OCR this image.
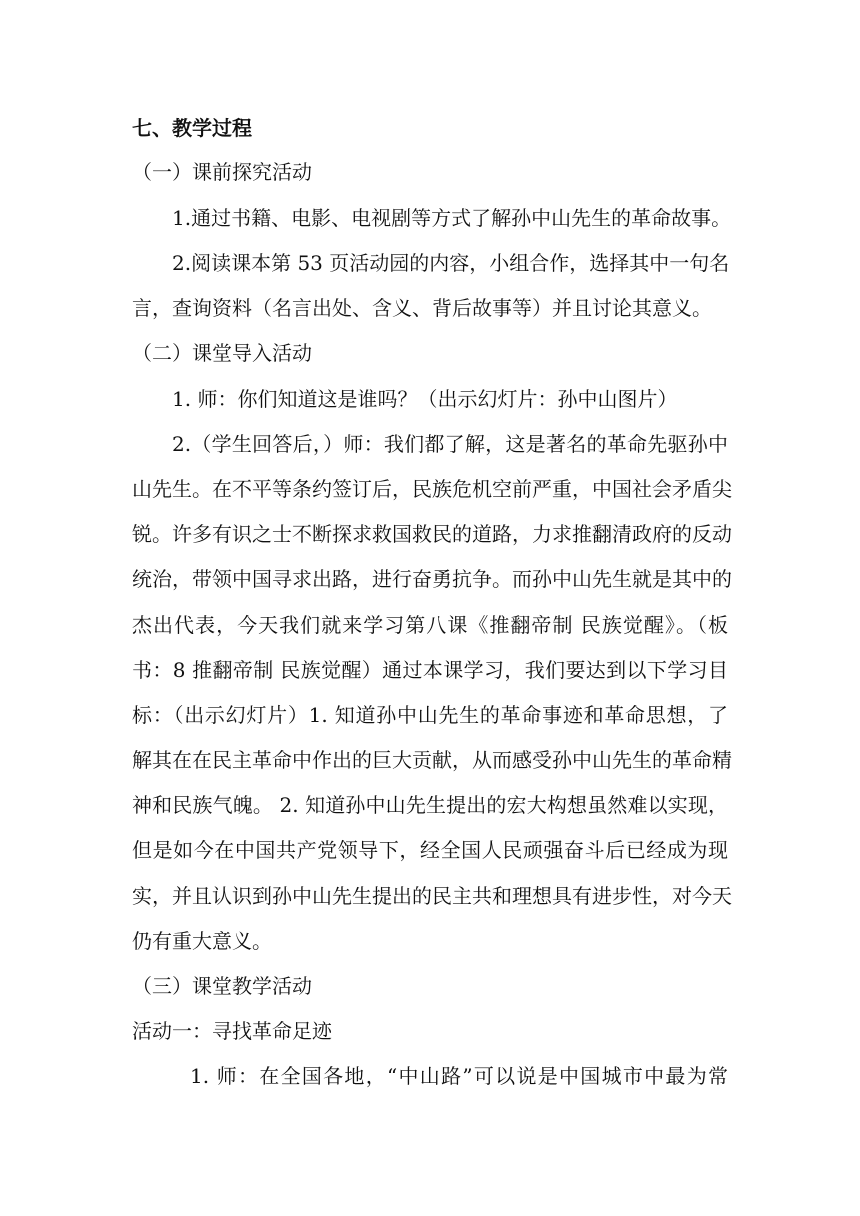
七、教学过程
（一）课前探究活动
1.通过书籍、电影、电视剧等方式了解孙中山先生的革命故事。
2.阅读课本第 53 页活动园的内容，小组合作，选择其中一句名
言，查询资料（名言出处、含义、背后故事等）并且讨论其意义。
（二）课堂导入活动
1. 师：你们知道这是谁吗？（出示幻灯片：孙中山图片）
2.（学生回答后，）师：我们都了解，这是著名的革命先驱孙中
山先生。在不平等条约签订后，民族危机空前严重，中国社会矛盾尖
锐。许多有识之士不断探求救国救民的道路，力求推翻清政府的反动
统治，带领中国寻求出路，进行奋勇抗争。而孙中山先生就是其中的
杰出代表，今天我们就来学习第八课《推翻帝制 民族觉醒》。（板
书：8 推翻帝制 民族觉醒）通过本课学习，我们要达到以下学习目
标：（出示幻灯片）1. 知道孙中山先生的革命事迹和革命思想，了
解其在在民主革命中作出的巨大贡献，从而感受孙中山先生的革命精
神和民族气魄。 2. 知道孙中山先生提出的宏大构想虽然难以实现，
但是如今在中国共产党领导下，经全国人民顽强奋斗后已经成为现
实，并且认识到孙中山先生提出的民主共和理想具有进步性，对今天
仍有重大意义。
（三）课堂教学活动
活动一：寻找革命足迹
1. 师：在全国各地，“中山路”可以说是中国城市中最为常
